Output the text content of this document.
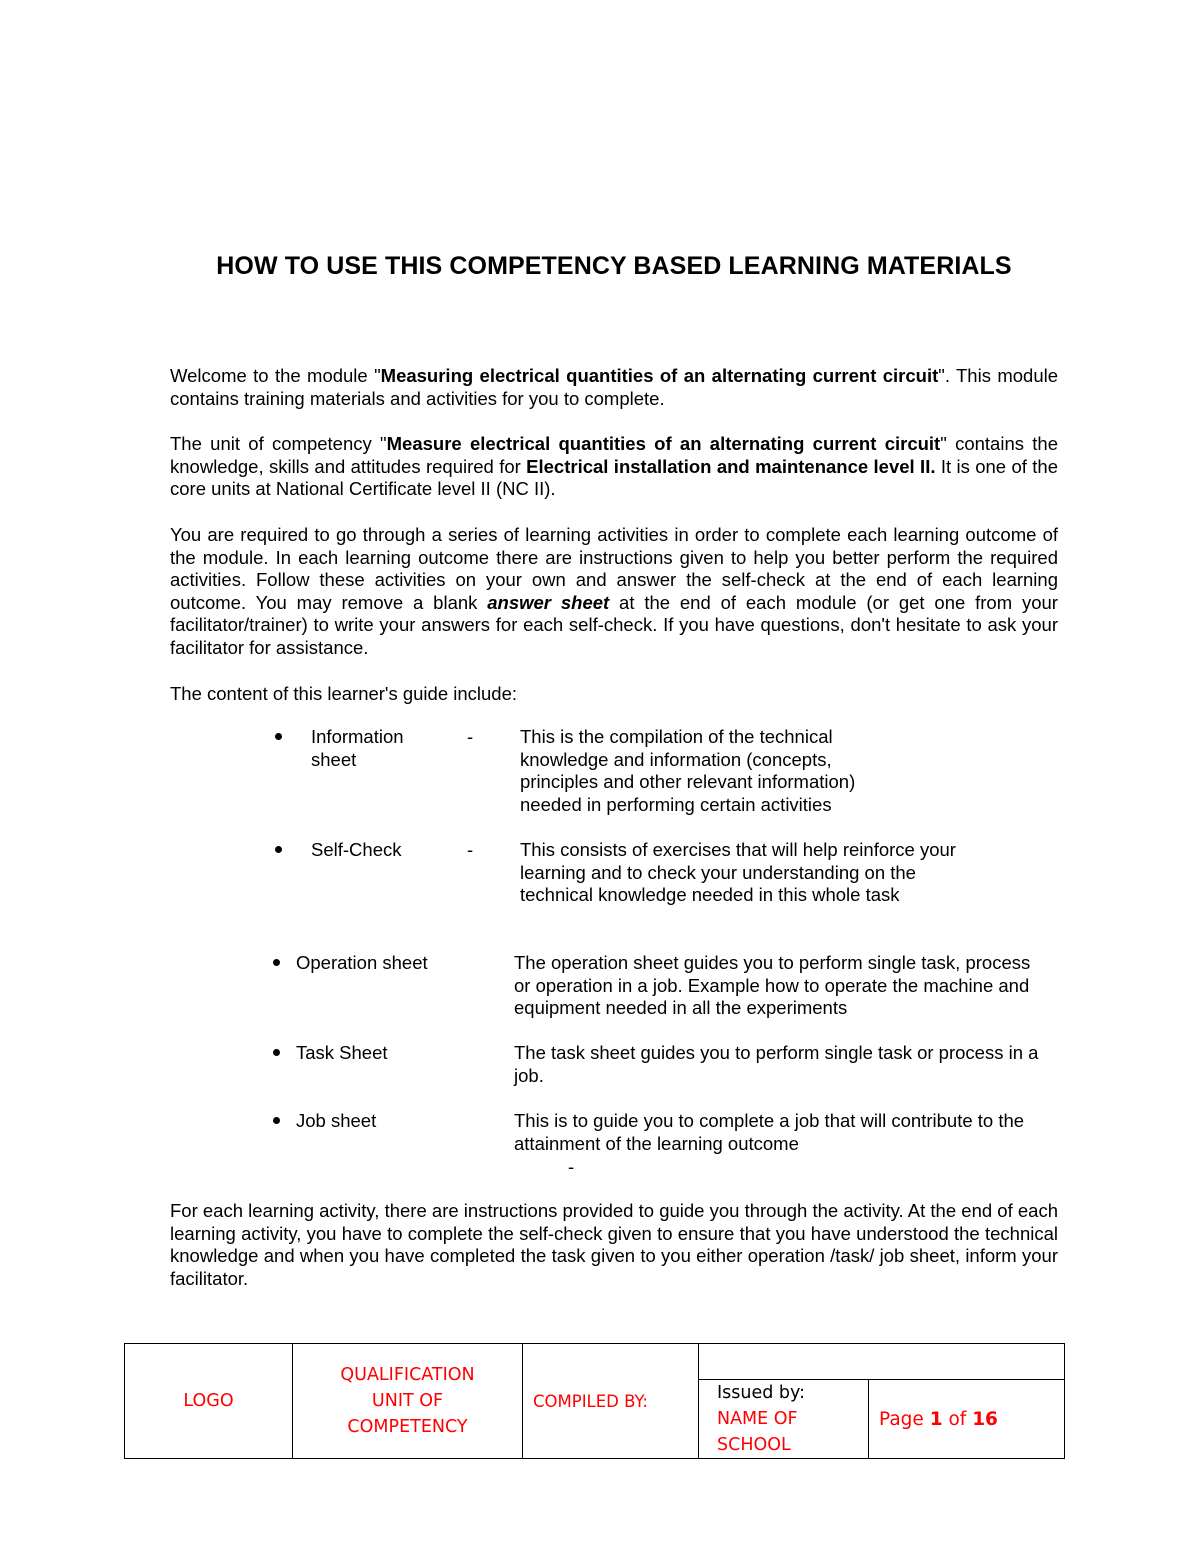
HOW TO USE THIS COMPETENCY BASED LEARNING MATERIALS
Welcome to the module "Measuring electrical quantities of an alternating current circuit". This module contains training materials and activities for you to complete.
The unit of competency "Measure electrical quantities of an alternating current circuit" contains the knowledge, skills and attitudes required for Electrical installation and maintenance level II. It is one of the core units at National Certificate level II (NC II).
You are required to go through a series of learning activities in order to complete each learning outcome of the module. In each learning outcome there are instructions given to help you better perform the required activities. Follow these activities on your own and answer the self-check at the end of each learning outcome. You may remove a blank answer sheet at the end of each module (or get one from your facilitator/trainer) to write your answers for each self-check. If you have questions, don't hesitate to ask your facilitator for assistance.
The content of this learner's guide include:
Information
sheet
-	This is the compilation of the technical
knowledge and information (concepts,
principles and other relevant information)
needed in performing certain activities
Self-Check	-	This consists of exercises that will help reinforce your
learning and to check your understanding on the
technical knowledge needed in this whole task
Operation sheet	The operation sheet guides you to perform single task, process
or operation in a job. Example how to operate the machine and
equipment needed in all the experiments
Task Sheet	The task sheet guides you to perform single task or process in a
job.
Job sheet	This is to guide you to complete a job that will contribute to the
attainment of the learning outcome
-
For each learning activity, there are instructions provided to guide you through the activity. At the end of each learning activity, you have to complete the self-check given to ensure that you have understood the technical knowledge and when you have completed the task given to you either operation /task/ job sheet, inform your facilitator.
LOGO	QUALIFICATION
UNIT OF
COMPETENCY	COMPILED BY:		

			Issued by:
NAME OF
SCHOOL	Page 1 of 16
